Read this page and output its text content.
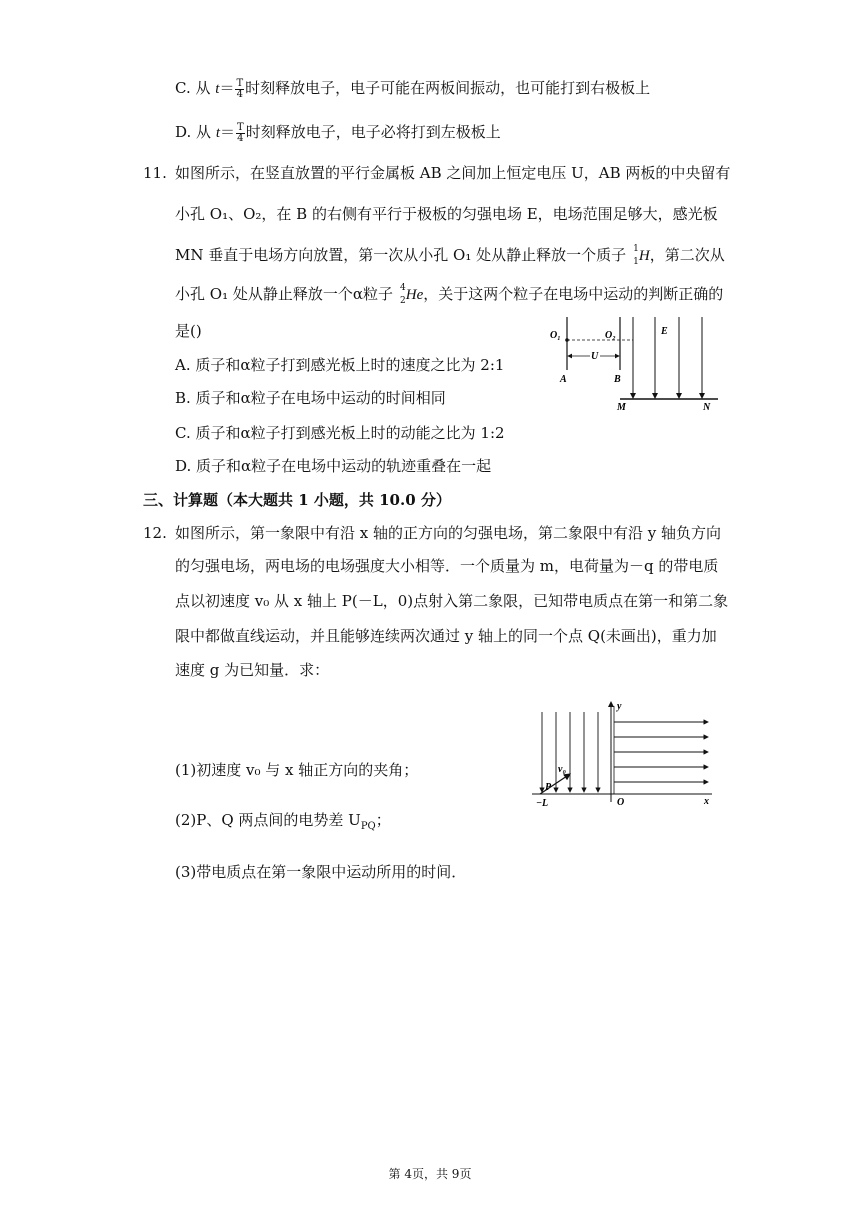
C. 从 $t= \frac{T}{4}$ 时刻释放电子，电子可能在两板间振动，也可能打到右极板上
D. 从 $t= \frac{T}{4}$ 时刻释放电子，电子必将打到左极板上
11. 如图所示，在竖直放置的平行金属板 AB 之间加上恒定电压 U，AB 两板的中央留有
小孔 O₁、O₂，在 B 的右侧有平行于极板的匀强电场 E，电场范围足够大，感光板
MN 垂直于电场方向放置，第一次从小孔 O₁ 处从静止释放一个质子 1
1 H，第二次从
小孔 O₁ 处从静止释放一个α粒子 4
2 He，关于这两个粒子在电场中运动的判断正确的
是()
A. 质子和α粒子打到感光板上时的速度之比为 2:1
B. 质子和α粒子在电场中运动的时间相同
C. 质子和α粒子打到感光板上时的动能之比为 1:2
D. 质子和α粒子在电场中运动的轨迹重叠在一起
O₁	O₂
U
E
A	B
M	N
三、计算题（本大题共 1 小题，共 10.0 分）
12. 如图所示，第一象限中有沿 x 轴的正方向的匀强电场，第二象限中有沿 y 轴负方向
的匀强电场，两电场的电场强度大小相等．一个质量为 m，电荷量为－q 的带电质
点以初速度 v₀ 从 x 轴上 P(－L，0)点射入第二象限，已知带电质点在第一和第二象
限中都做直线运动，并且能够连续两次通过 y 轴上的同一个点 Q(未画出)，重力加
速度 g 为已知量．求：
(1)初速度 v₀ 与 x 轴正方向的夹角；
(2)P、Q 两点间的电势差 $U_{PQ}$；
(3)带电质点在第一象限中运动所用的时间．
y
x
O
P
−L
v₀
第 4页，共 9页
